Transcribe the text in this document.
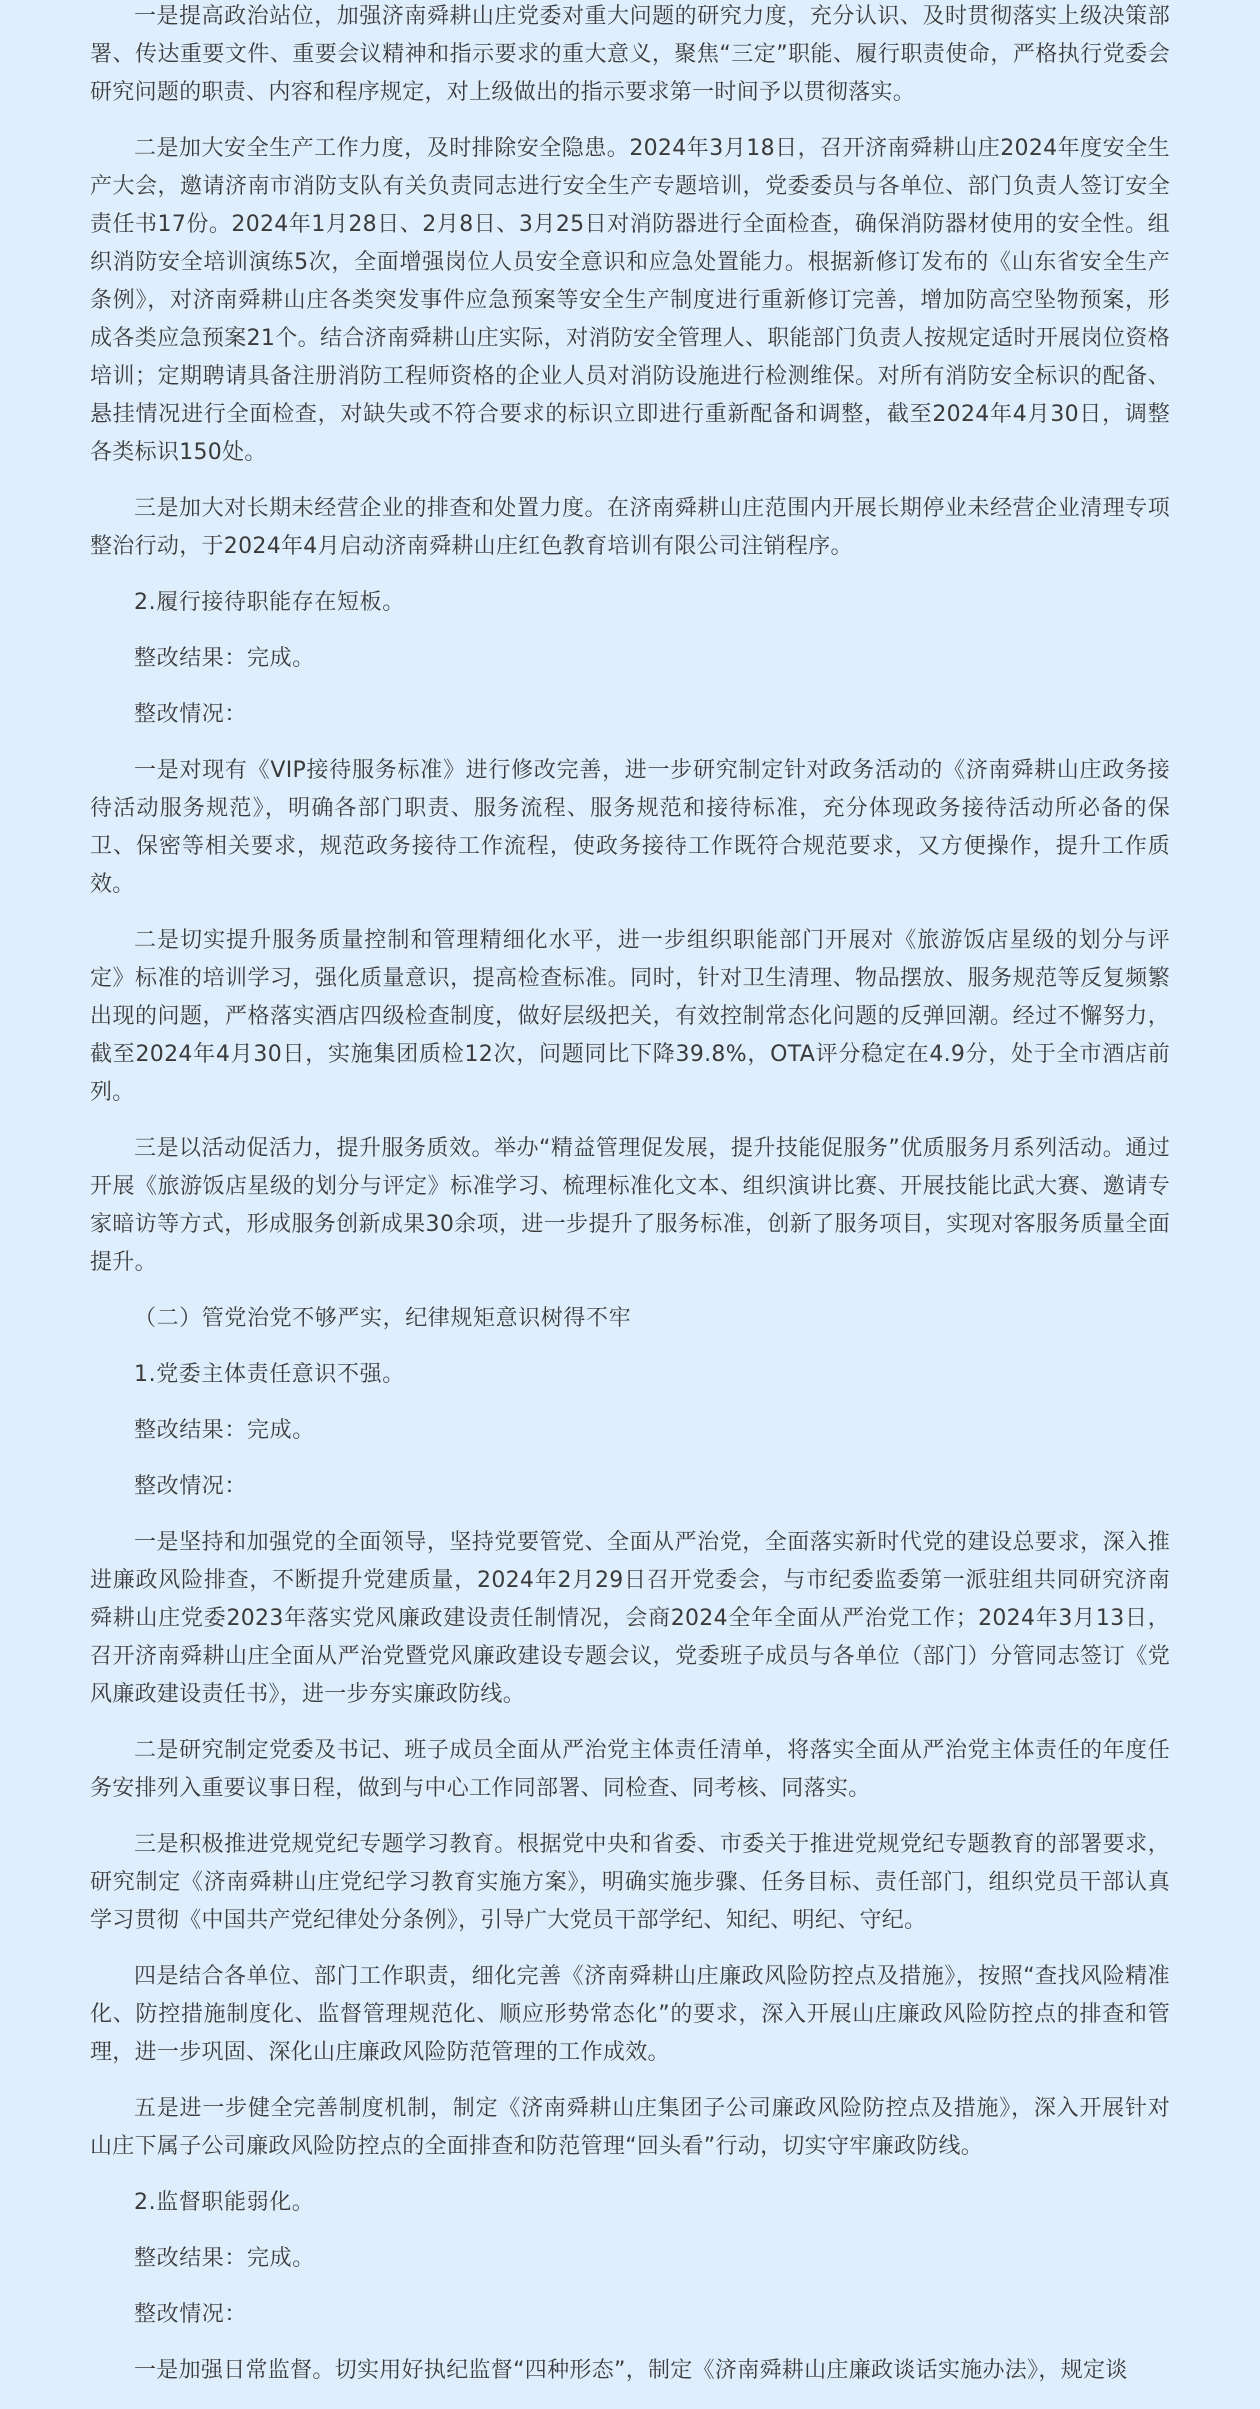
一是提高政治站位，加强济南舜耕山庄党委对重大问题的研究力度，充分认识、及时贯彻落实上级决策部署、传达重要文件、重要会议精神和指示要求的重大意义，聚焦“三定”职能、履行职责使命，严格执行党委会研究问题的职责、内容和程序规定，对上级做出的指示要求第一时间予以贯彻落实。

二是加大安全生产工作力度，及时排除安全隐患。2024年3月18日，召开济南舜耕山庄2024年度安全生产大会，邀请济南市消防支队有关负责同志进行安全生产专题培训，党委委员与各单位、部门负责人签订安全责任书17份。2024年1月28日、2月8日、3月25日对消防器进行全面检查，确保消防器材使用的安全性。组织消防安全培训演练5次，全面增强岗位人员安全意识和应急处置能力。根据新修订发布的《山东省安全生产条例》，对济南舜耕山庄各类突发事件应急预案等安全生产制度进行重新修订完善，增加防高空坠物预案，形成各类应急预案21个。结合济南舜耕山庄实际，对消防安全管理人、职能部门负责人按规定适时开展岗位资格培训；定期聘请具备注册消防工程师资格的企业人员对消防设施进行检测维保。对所有消防安全标识的配备、悬挂情况进行全面检查，对缺失或不符合要求的标识立即进行重新配备和调整，截至2024年4月30日，调整各类标识150处。

三是加大对长期未经营企业的排查和处置力度。在济南舜耕山庄范围内开展长期停业未经营企业清理专项整治行动，于2024年4月启动济南舜耕山庄红色教育培训有限公司注销程序。

2.履行接待职能存在短板。

整改结果：完成。

整改情况：

一是对现有《VIP接待服务标准》进行修改完善，进一步研究制定针对政务活动的《济南舜耕山庄政务接待活动服务规范》，明确各部门职责、服务流程、服务规范和接待标准，充分体现政务接待活动所必备的保卫、保密等相关要求，规范政务接待工作流程，使政务接待工作既符合规范要求，又方便操作，提升工作质效。

二是切实提升服务质量控制和管理精细化水平，进一步组织职能部门开展对《旅游饭店星级的划分与评定》标准的培训学习，强化质量意识，提高检查标准。同时，针对卫生清理、物品摆放、服务规范等反复频繁出现的问题，严格落实酒店四级检查制度，做好层级把关，有效控制常态化问题的反弹回潮。经过不懈努力，截至2024年4月30日，实施集团质检12次，问题同比下降39.8%，OTA评分稳定在4.9分，处于全市酒店前列。

三是以活动促活力，提升服务质效。举办“精益管理促发展，提升技能促服务”优质服务月系列活动。通过开展《旅游饭店星级的划分与评定》标准学习、梳理标准化文本、组织演讲比赛、开展技能比武大赛、邀请专家暗访等方式，形成服务创新成果30余项，进一步提升了服务标准，创新了服务项目，实现对客服务质量全面提升。

（二）管党治党不够严实，纪律规矩意识树得不牢

1.党委主体责任意识不强。

整改结果：完成。

整改情况：

一是坚持和加强党的全面领导，坚持党要管党、全面从严治党，全面落实新时代党的建设总要求，深入推进廉政风险排查，不断提升党建质量，2024年2月29日召开党委会，与市纪委监委第一派驻组共同研究济南舜耕山庄党委2023年落实党风廉政建设责任制情况，会商2024全年全面从严治党工作；2024年3月13日，召开济南舜耕山庄全面从严治党暨党风廉政建设专题会议，党委班子成员与各单位（部门）分管同志签订《党风廉政建设责任书》，进一步夯实廉政防线。

二是研究制定党委及书记、班子成员全面从严治党主体责任清单，将落实全面从严治党主体责任的年度任务安排列入重要议事日程，做到与中心工作同部署、同检查、同考核、同落实。

三是积极推进党规党纪专题学习教育。根据党中央和省委、市委关于推进党规党纪专题教育的部署要求，研究制定《济南舜耕山庄党纪学习教育实施方案》，明确实施步骤、任务目标、责任部门，组织党员干部认真学习贯彻《中国共产党纪律处分条例》，引导广大党员干部学纪、知纪、明纪、守纪。

四是结合各单位、部门工作职责，细化完善《济南舜耕山庄廉政风险防控点及措施》，按照“查找风险精准化、防控措施制度化、监督管理规范化、顺应形势常态化”的要求，深入开展山庄廉政风险防控点的排查和管理，进一步巩固、深化山庄廉政风险防范管理的工作成效。

五是进一步健全完善制度机制，制定《济南舜耕山庄集团子公司廉政风险防控点及措施》，深入开展针对山庄下属子公司廉政风险防控点的全面排查和防范管理“回头看”行动，切实守牢廉政防线。

2.监督职能弱化。

整改结果：完成。

整改情况：

一是加强日常监督。切实用好执纪监督“四种形态”，制定《济南舜耕山庄廉政谈话实施办法》，规定谈
